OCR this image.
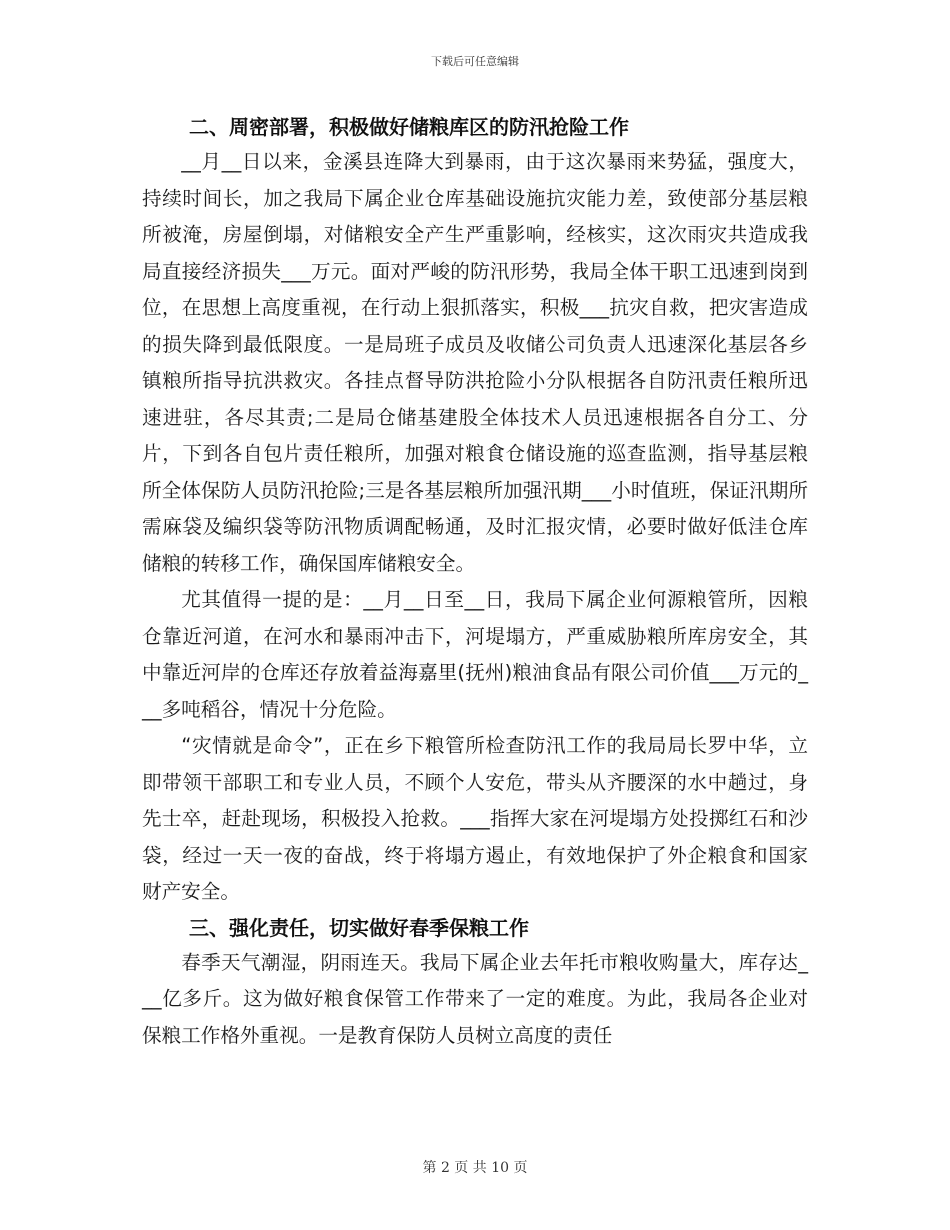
下载后可任意编辑
二、周密部署，积极做好储粮库区的防汛抢险工作

__月__日以来，金溪县连降大到暴雨，由于这次暴雨来势猛，强度大，持续时间长，加之我局下属企业仓库基础设施抗灾能力差，致使部分基层粮所被淹，房屋倒塌，对储粮安全产生严重影响，经核实，这次雨灾共造成我局直接经济损失___万元。面对严峻的防汛形势，我局全体干职工迅速到岗到位，在思想上高度重视，在行动上狠抓落实，积极___抗灾自救，把灾害造成的损失降到最低限度。一是局班子成员及收储公司负责人迅速深化基层各乡镇粮所指导抗洪救灾。各挂点督导防洪抢险小分队根据各自防汛责任粮所迅速进驻，各尽其责;二是局仓储基建股全体技术人员迅速根据各自分工、分片，下到各自包片责任粮所，加强对粮食仓储设施的巡查监测，指导基层粮所全体保防人员防汛抢险;三是各基层粮所加强汛期___小时值班，保证汛期所需麻袋及编织袋等防汛物质调配畅通，及时汇报灾情，必要时做好低洼仓库储粮的转移工作，确保国库储粮安全。

尤其值得一提的是：__月__日至__日，我局下属企业何源粮管所，因粮仓靠近河道，在河水和暴雨冲击下，河堤塌方，严重威胁粮所库房安全，其中靠近河岸的仓库还存放着益海嘉里(抚州)粮油食品有限公司价值___万元的___多吨稻谷，情况十分危险。

“灾情就是命令”，正在乡下粮管所检查防汛工作的我局局长罗中华，立即带领干部职工和专业人员，不顾个人安危，带头从齐腰深的水中趟过，身先士卒，赶赴现场，积极投入抢救。___指挥大家在河堤塌方处投掷红石和沙袋，经过一天一夜的奋战，终于将塌方遏止，有效地保护了外企粮食和国家财产安全。

三、强化责任，切实做好春季保粮工作

春季天气潮湿，阴雨连天。我局下属企业去年托市粮收购量大，库存达___亿多斤。这为做好粮食保管工作带来了一定的难度。为此，我局各企业对保粮工作格外重视。一是教育保防人员树立高度的责任

第 2 页 共 10 页
